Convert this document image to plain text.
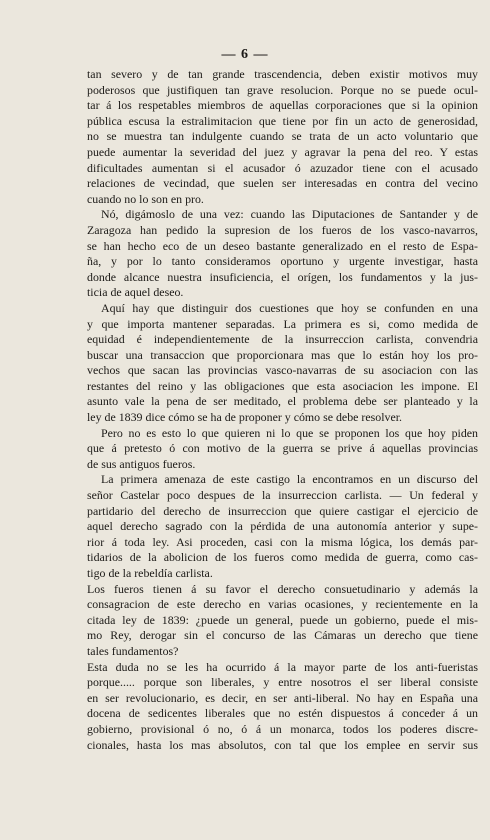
— 6 —
tan severo y de tan grande trascendencia, deben existir motivos muy
poderosos que justifiquen tan grave resolucion. Porque no se puede ocul-
tar á los respetables miembros de aquellas corporaciones que si la opinion
pública escusa la estralimitacion que tiene por fin un acto de generosidad,
no se muestra tan indulgente cuando se trata de un acto voluntario que
puede aumentar la severidad del juez y agravar la pena del reo. Y estas
dificultades aumentan si el acusador ó azuzador tiene con el acusado
relaciones de vecindad, que suelen ser interesadas en contra del vecino
cuando no lo son en pro.
Nó, digámoslo de una vez: cuando las Diputaciones de Santander y de
Zaragoza han pedido la supresion de los fueros de los vasco-navarros,
se han hecho eco de un deseo bastante generalizado en el resto de Espa-
ña, y por lo tanto consideramos oportuno y urgente investigar, hasta
donde alcance nuestra insuficiencia, el orígen, los fundamentos y la jus-
ticia de aquel deseo.
Aquí hay que distinguir dos cuestiones que hoy se confunden en una
y que importa mantener separadas. La primera es si, como medida de
equidad é independientemente de la insurreccion carlista, convendria
buscar una transaccion que proporcionara mas que lo están hoy los pro-
vechos que sacan las provincias vasco-navarras de su asociacion con las
restantes del reino y las obligaciones que esta asociacion les impone. El
asunto vale la pena de ser meditado, el problema debe ser planteado y la
ley de 1839 dice cómo se ha de proponer y cómo se debe resolver.
Pero no es esto lo que quieren ni lo que se proponen los que hoy piden
que á pretesto ó con motivo de la guerra se prive á aquellas provincias
de sus antiguos fueros.
La primera amenaza de este castigo la encontramos en un discurso del
señor Castelar poco despues de la insurreccion carlista. — Un federal y
partidario del derecho de insurreccion que quiere castigar el ejercicio de
aquel derecho sagrado con la pérdida de una autonomía anterior y supe-
rior á toda ley. Asi proceden, casi con la misma lógica, los demás par-
tidarios de la abolicion de los fueros como medida de guerra, como cas-
tigo de la rebeldía carlista.
Los fueros tienen á su favor el derecho consuetudinario y además la
consagracion de este derecho en varias ocasiones, y recientemente en la
citada ley de 1839: ¿puede un general, puede un gobierno, puede el mis-
mo Rey, derogar sin el concurso de las Cámaras un derecho que tiene
tales fundamentos?
Esta duda no se les ha ocurrido á la mayor parte de los anti-fueristas
porque..... porque son liberales, y entre nosotros el ser liberal consiste
en ser revolucionario, es decir, en ser anti-liberal. No hay en España una
docena de sedicentes liberales que no estén dispuestos á conceder á un
gobierno, provisional ó no, ó á un monarca, todos los poderes discre-
cionales, hasta los mas absolutos, con tal que los emplee en servir sus
